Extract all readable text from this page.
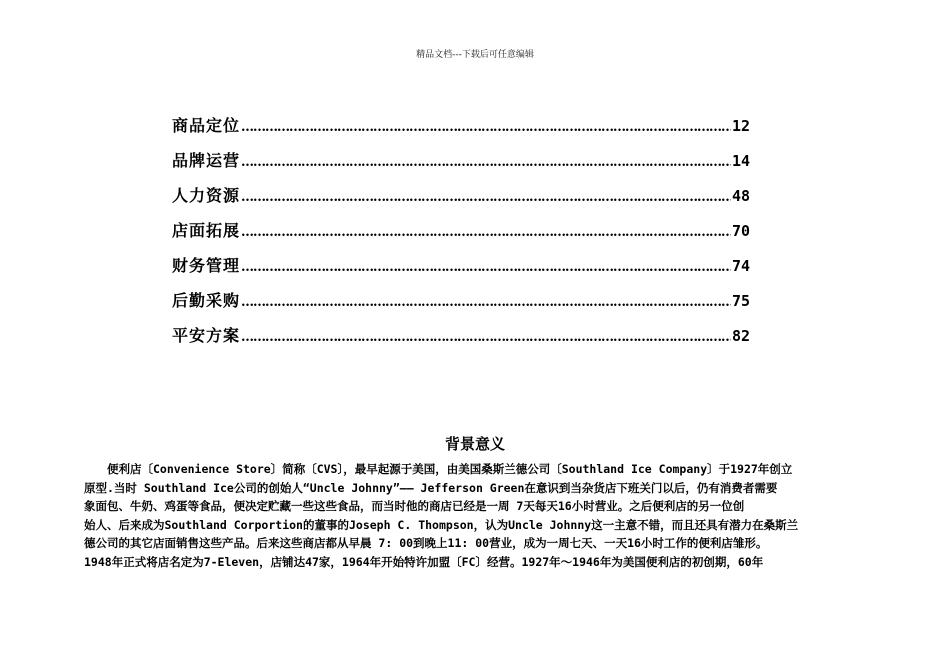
精品文档---下载后可任意编辑
商品定位 …………………………………………………………………………………………………………………………………………………………………………………………	12
品牌运营 …………………………………………………………………………………………………………………………………………………………………………………………	14
人力资源 …………………………………………………………………………………………………………………………………………………………………………………………	48
店面拓展 …………………………………………………………………………………………………………………………………………………………………………………………	70
财务管理 …………………………………………………………………………………………………………………………………………………………………………………………	74
后勤采购 …………………………………………………………………………………………………………………………………………………………………………………………	75
平安方案 …………………………………………………………………………………………………………………………………………………………………………………………	82
背景意义
　　便利店〔Convenience Store〕简称〔CVS〕，最早起源于美国，由美国桑斯兰德公司〔Southland Ice Company〕于1927年创立
原型.当时 Southland Ice公司的创始人“Uncle Johnny”—— Jefferson Green在意识到当杂货店下班关门以后，仍有消费者需要
象面包、牛奶、鸡蛋等食品，便决定贮藏一些这些食品，而当时他的商店已经是一周 7天每天16小时营业。之后便利店的另一位创
始人、后来成为Southland Corportion的董事的Joseph C. Thompson，认为Uncle Johnny这一主意不错，而且还具有潜力在桑斯兰
德公司的其它店面销售这些产品。后来这些商店都从早晨 7: 00到晚上11: 00营业，成为一周七天、一天16小时工作的便利店雏形。
1948年正式将店名定为7-Eleven，店铺达47家，1964年开始特许加盟〔FC〕经营。1927年～1946年为美国便利店的初创期，60年
